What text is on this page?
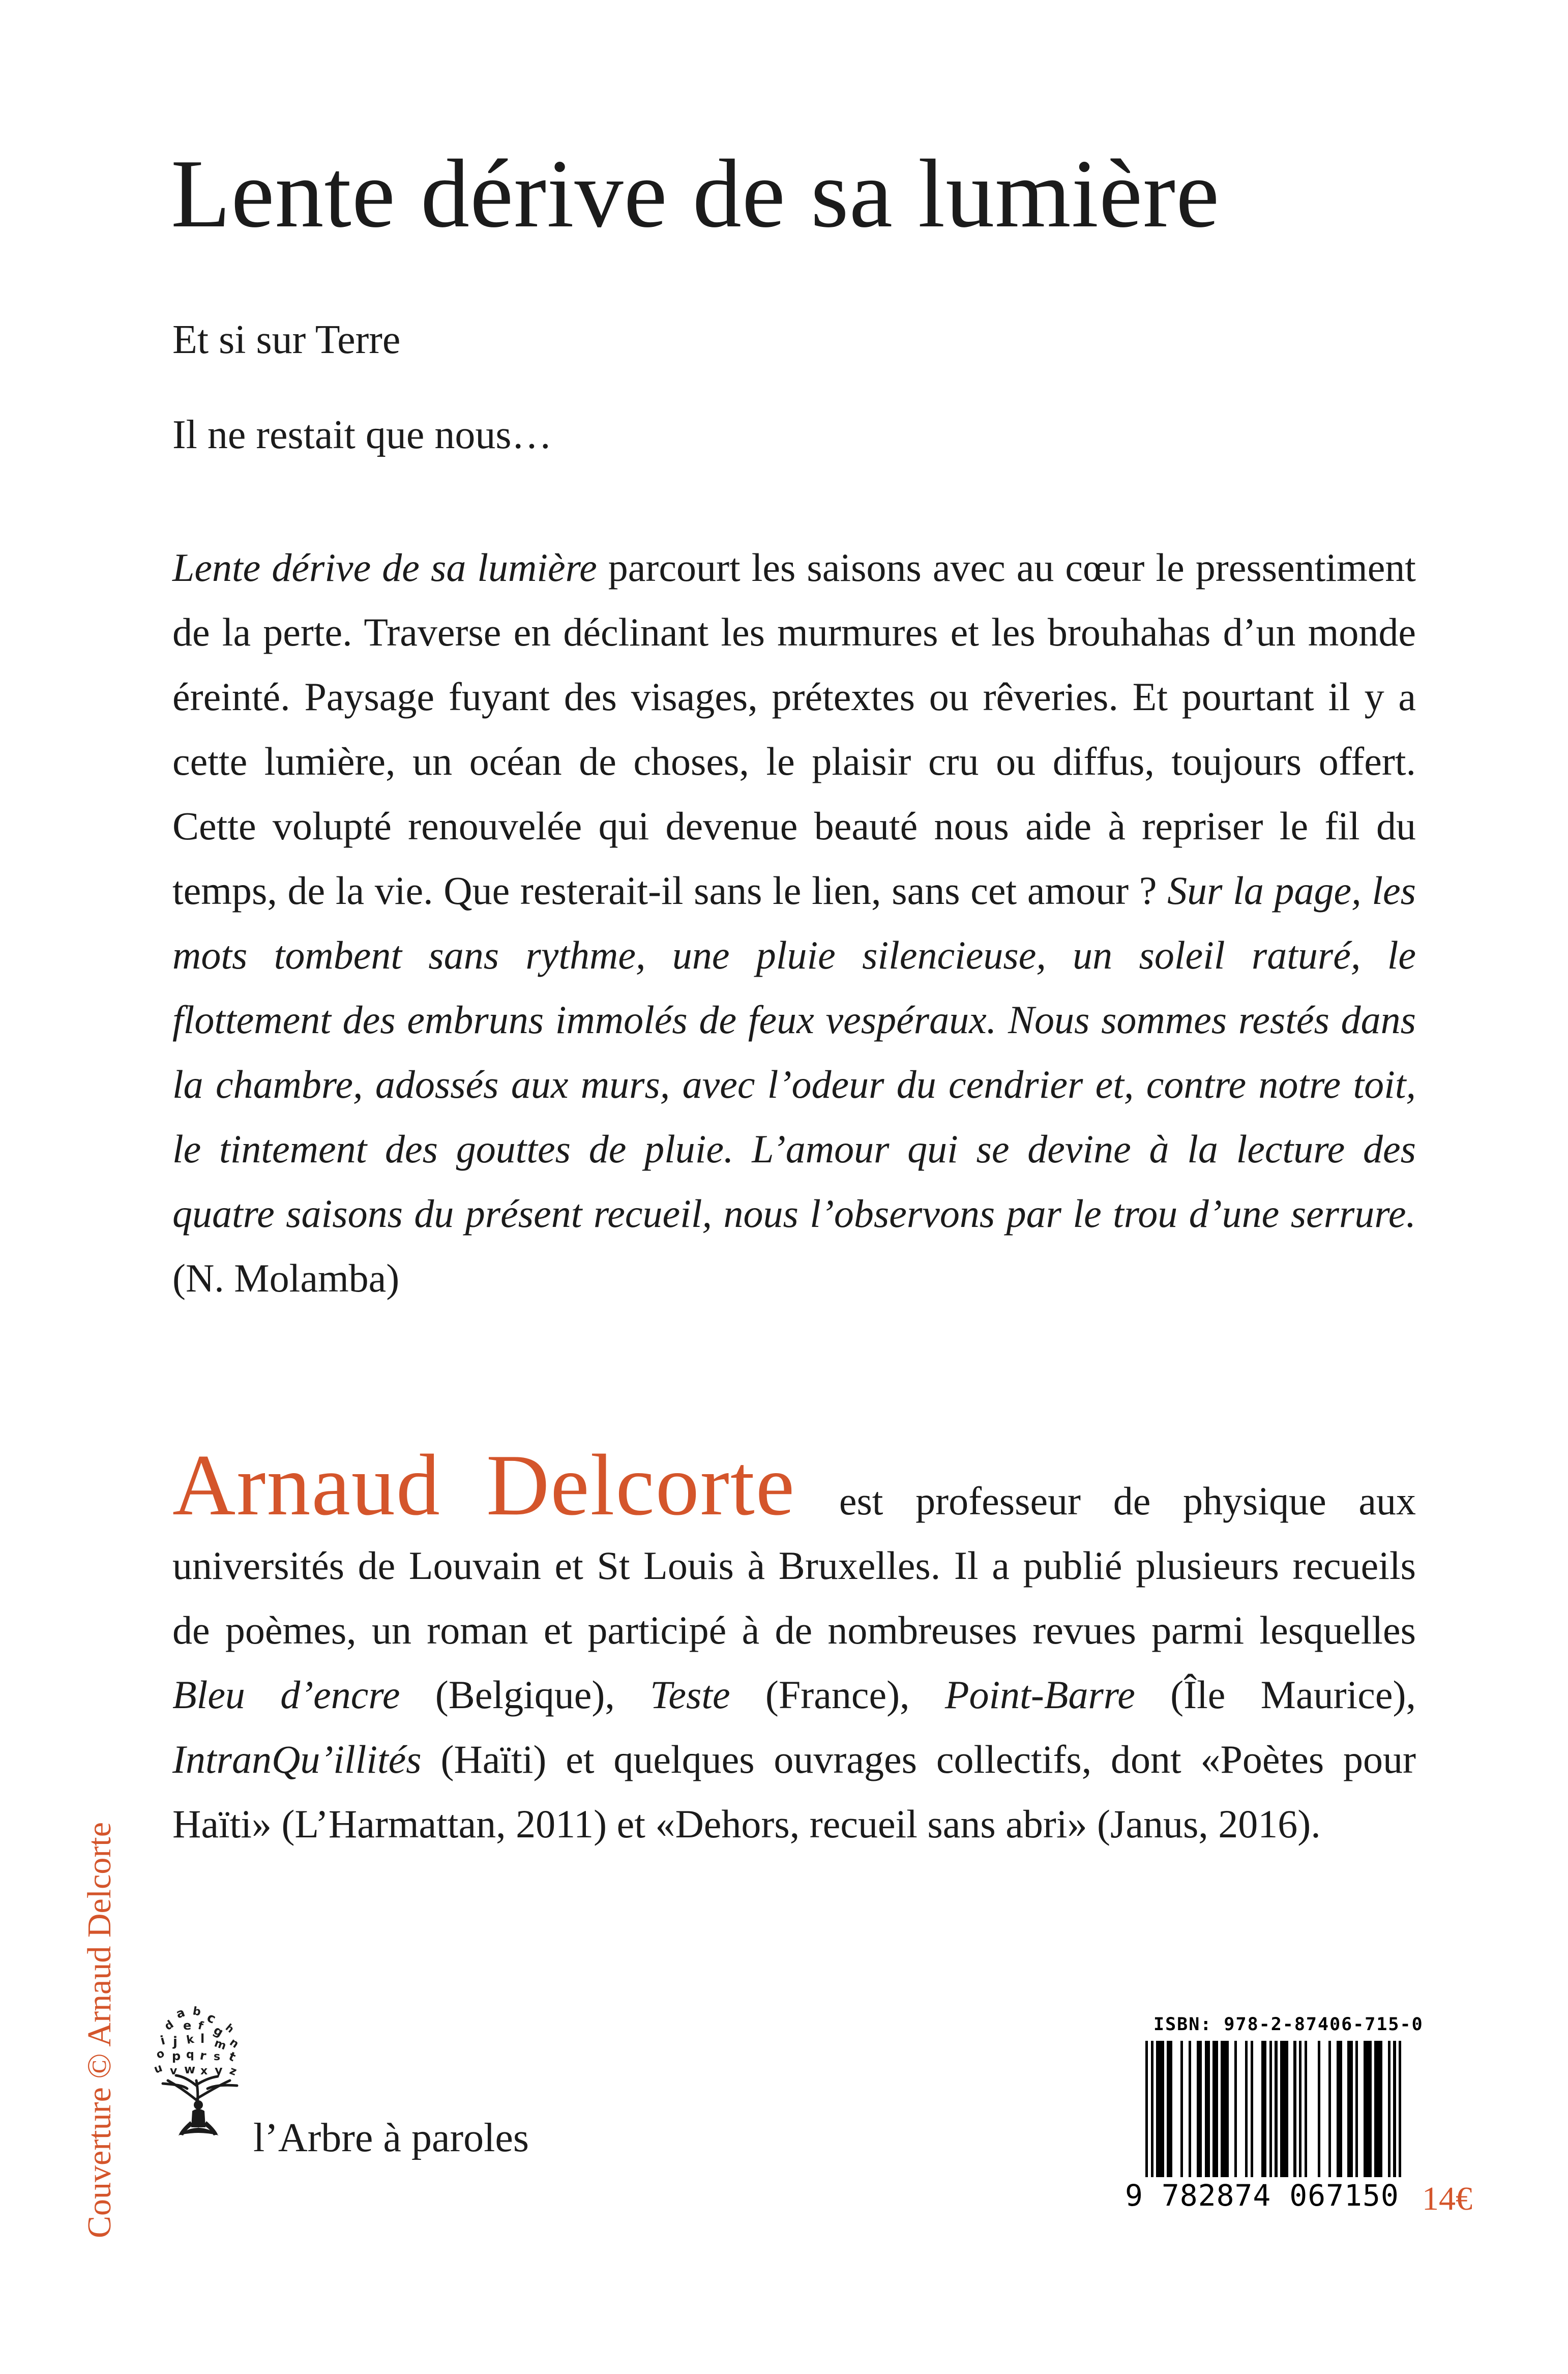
Lente dérive de sa lumière
Et si sur Terre
Il ne restait que nous…
Lente dérive de sa lumière parcourt les saisons avec au cœur le pressentiment de la perte. Traverse en déclinant les murmures et les brouhahas d’un monde éreinté. Paysage fuyant des visages, prétextes ou rêveries. Et pourtant il y a cette lumière, un océan de choses, le plaisir cru ou diffus, toujours offert. Cette volupté renouvelée qui devenue beauté nous aide à repriser le fil du temps, de la vie. Que resterait-il sans le lien, sans cet amour ? Sur la page, les mots tombent sans rythme, une pluie silencieuse, un soleil raturé, le flottement des embruns immolés de feux vespéraux. Nous sommes restés dans la chambre, adossés aux murs, avec l’odeur du cendrier et, contre notre toit, le tintement des gouttes de pluie. L’amour qui se devine à la lecture des quatre saisons du présent recueil, nous l’observons par le trou d’une serrure. (N. Molamba)
Arnaud Delcorte est professeur de physique aux universités de Louvain et St Louis à Bruxelles. Il a publié plusieurs recueils de poèmes, un roman et participé à de nombreuses revues parmi lesquelles Bleu d’encre (Belgique), Teste (France), Point-Barre (Île Maurice), IntranQu’illités (Haïti) et quelques ouvrages collectifs, dont «Poètes pour Haïti» (L’Harmattan, 2011) et «Dehors, recueil sans abri» (Janus, 2016).
Couverture © Arnaud Delcorte	a b c
d e f g
h
i j k l m
n
o p q r s t
u v w x y z
l’Arbre à paroles
ISBN: 978-2-87406-715-0
9 782874 067150 14€
